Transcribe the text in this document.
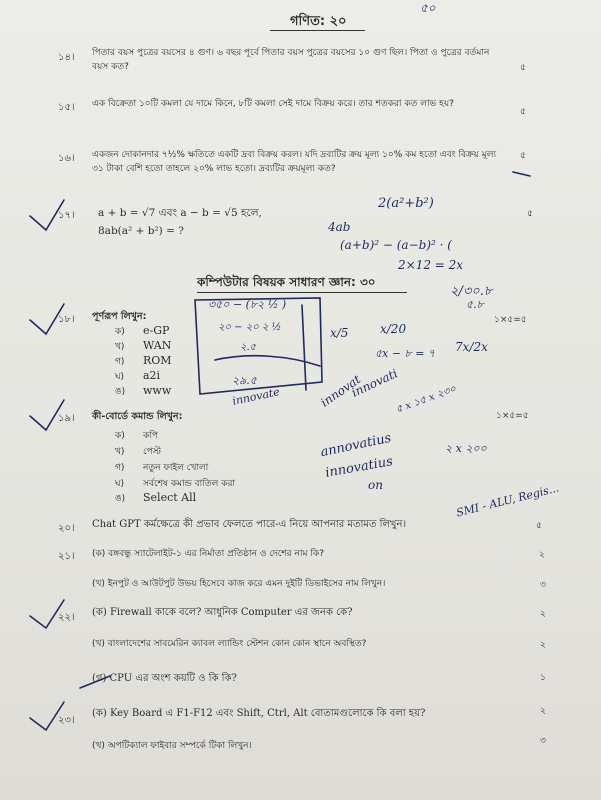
গণিত: ২০
৫০
১৪। পিতার বয়স পুত্রের বয়সের ৪ গুণ। ৬ বছর পূর্বে পিতার বয়স পুত্রের বয়সের ১০ গুণ ছিল। পিতা ও পুত্রের বর্তমান বয়স কত?	৫
১৫। এক বিক্রেতা ১০টি কমলা যে দামে কিনে, ৮টি কমলা সেই দামে বিক্রয় করে। তার শতকরা কত লাভ হয়?
৫
১৬। একজন দোকানদার ৭½% ক্ষতিতে একটি দ্রব্য বিক্রয় করল। যদি দ্রব্যটির ক্রয় মূল্য ১০% কম হতো এবং বিক্রয় মূল্য ৩১ টাকা বেশি হতো তাহলে ২০% লাভ হতো। দ্রব্যটির ক্রয়মূল্য কত?
৫
১৭। a + b = √7 এবং a − b = √5 হলে,
8ab(a² + b²) = ?
৫
কম্পিউটার বিষয়ক সাধারণ জ্ঞান: ৩০
১৮। পূর্ণরূপ লিখুন:	১×৫=৫
ক) e-GP
খ) WAN
গ) ROM
ঘ) a2i
ঙ) www
১৯। কী-বোর্ডে কমান্ড লিখুন:	১×৫=৫
ক) কপি
খ) পেস্ট
গ) নতুন ফাইল খোলা
ঘ) সর্বশেষ কমান্ড বাতিল করা
ঙ) Select All
২০। Chat GPT কর্মক্ষেত্রে কী প্রভাব ফেলতে পারে-এ নিয়ে আপনার মতামত লিখুন।	৫
২১। (ক) বঙ্গবন্ধু স্যাটেলাইট-১ এর নির্মাতা প্রতিষ্ঠান ও দেশের নাম কি?	২
(খ) ইনপুট ও আউটপুট উভয় হিসেবে কাজ করে এমন দুইটি ডিভাইসের নাম লিখুন।	৩
২২। (ক) Firewall কাকে বলে? আধুনিক Computer এর জনক কে?	২
(খ) বাংলাদেশের সাবমেরিন ক্যাবল ল্যান্ডিং স্টেশন কোন কোন স্থানে অবস্থিত?	২
(গ) CPU এর অংশ কয়টি ও কি কি?	১
২৩।
(ক) Key Board এ F1-F12 এবং Shift, Ctrl, Alt বোতামগুলোকে কি বলা হয়?	২
(খ) অপটিক্যাল ফাইবার সম্পর্কে টিকা লিখুন।	৩
4ab
2(a²+b²)
(a+b)² − (a−b)² · (
2×12 = 2x
২/৩০.৮
৫.৮
x/5	x/20
৫x − ৮ = ৭ 7x/2x
৩৫০ − (৮২ ½ )
২০ − ২০ ২ ½
২.৫
২৯.৫
innovate	innovat
innovati
annovatius
innovatius
৫ x ১৫ x ২৩০
২ x ২০০
on	SMI - ALU, Regis...
